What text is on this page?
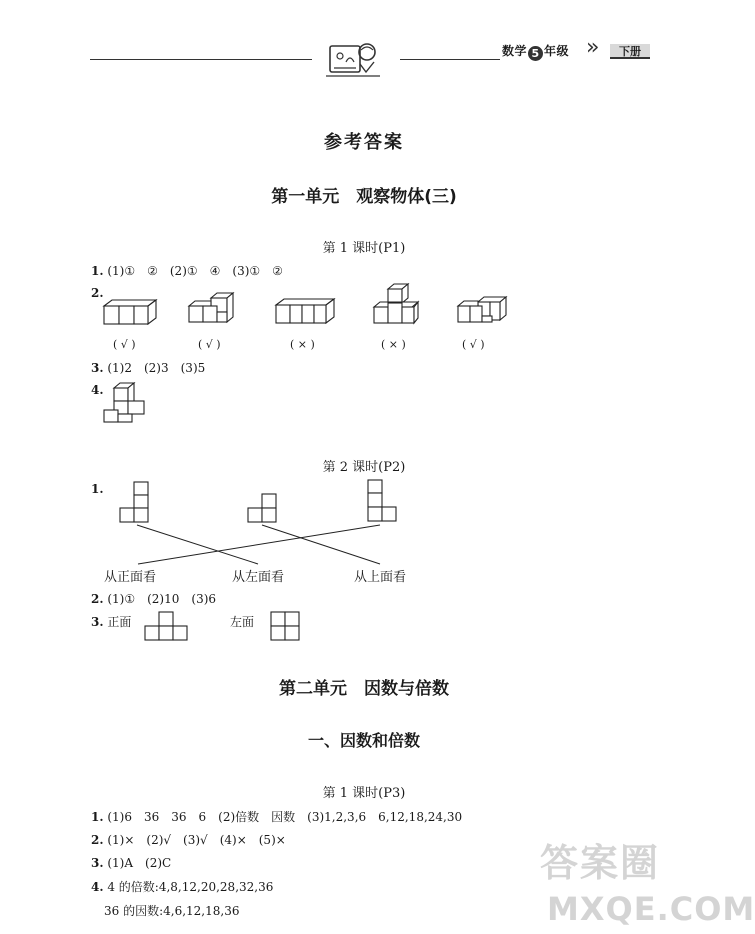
数学 5 年级 »	下册
参考答案
第一单元　观察物体(三)
第 1 课时(P1)
1. (1)①　②　(2)①　④　(3)①　②
2.
( √ )	( √ )	( × )	( × )	( √ )
3. (1)2　(2)3　(3)5
4.
第 2 课时(P2)
1.
从正面看	从左面看	从上面看
2. (1)①　(2)10　(3)6
3. 正面	左面
第二单元　因数与倍数
一、因数和倍数
第 1 课时(P3)
1. (1)6　36　36　6　(2)倍数　因数　(3)1,2,3,6　6,12,18,24,30
2. (1)×　(2)√　(3)√　(4)×　(5)×
3. (1)A　(2)C
4. 4 的倍数:4,8,12,20,28,32,36
36 的因数:4,6,12,18,36
答案圈
MXQE.COM
